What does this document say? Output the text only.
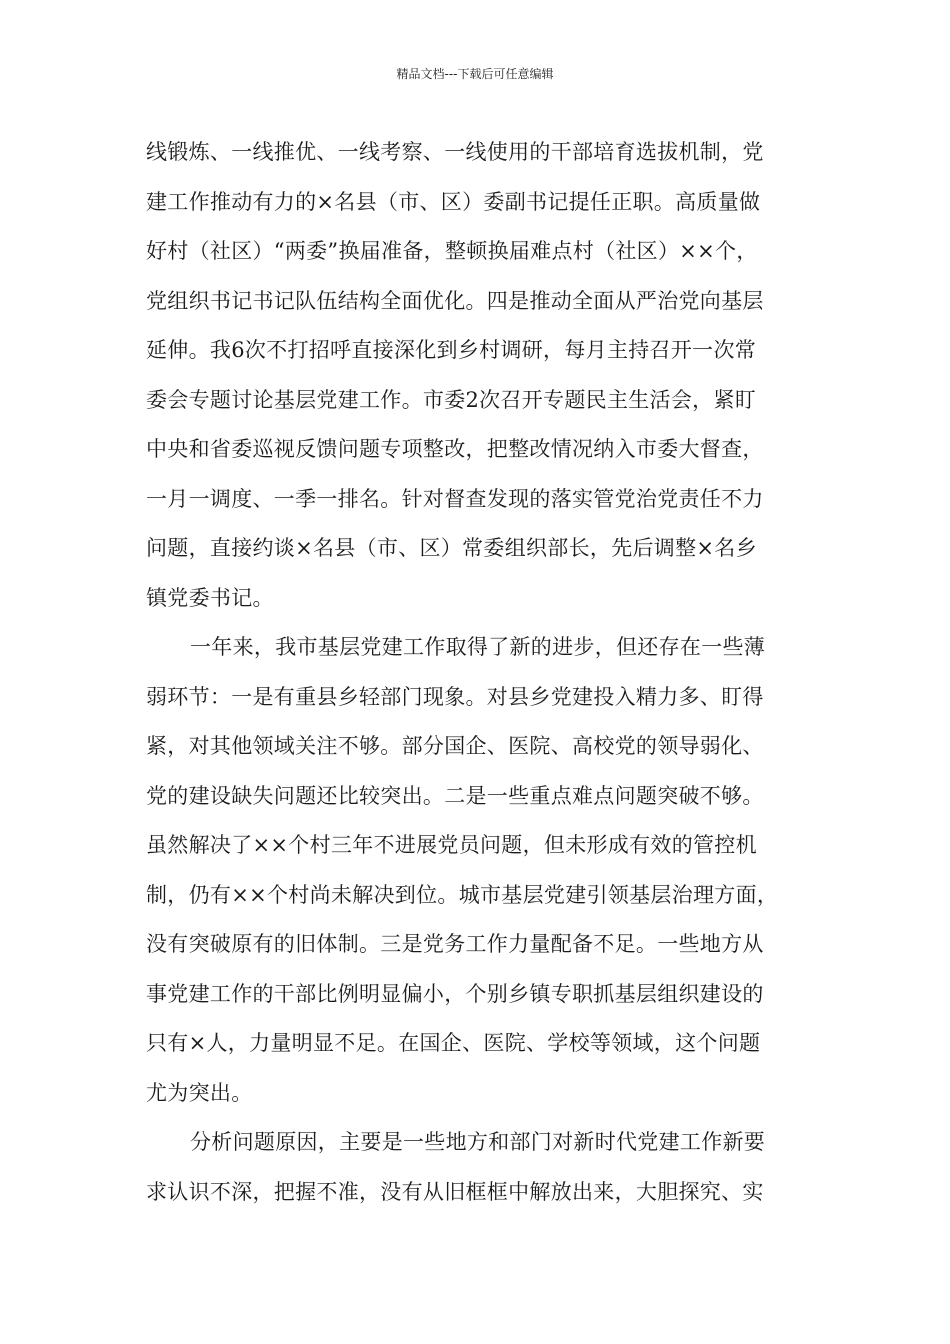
精品文档---下载后可任意编辑
线锻炼、一线推优、一线考察、一线使用的干部培育选拔机制，党
建工作推动有力的×名县（市、区）委副书记提任正职。高质量做
好村（社区）“两委”换届准备，整顿换届难点村（社区）××个，
党组织书记书记队伍结构全面优化。四是推动全面从严治党向基层
延伸。我6次不打招呼直接深化到乡村调研，每月主持召开一次常
委会专题讨论基层党建工作。市委2次召开专题民主生活会，紧盯
中央和省委巡视反馈问题专项整改，把整改情况纳入市委大督查，
一月一调度、一季一排名。针对督查发现的落实管党治党责任不力
问题，直接约谈×名县（市、区）常委组织部长，先后调整×名乡
镇党委书记。
一年来，我市基层党建工作取得了新的进步，但还存在一些薄
弱环节：一是有重县乡轻部门现象。对县乡党建投入精力多、盯得
紧，对其他领域关注不够。部分国企、医院、高校党的领导弱化、
党的建设缺失问题还比较突出。二是一些重点难点问题突破不够。
虽然解决了××个村三年不进展党员问题，但未形成有效的管控机
制，仍有××个村尚未解决到位。城市基层党建引领基层治理方面，
没有突破原有的旧体制。三是党务工作力量配备不足。一些地方从
事党建工作的干部比例明显偏小，个别乡镇专职抓基层组织建设的
只有×人，力量明显不足。在国企、医院、学校等领域，这个问题
尤为突出。
分析问题原因，主要是一些地方和部门对新时代党建工作新要
求认识不深，把握不准，没有从旧框框中解放出来，大胆探究、实
